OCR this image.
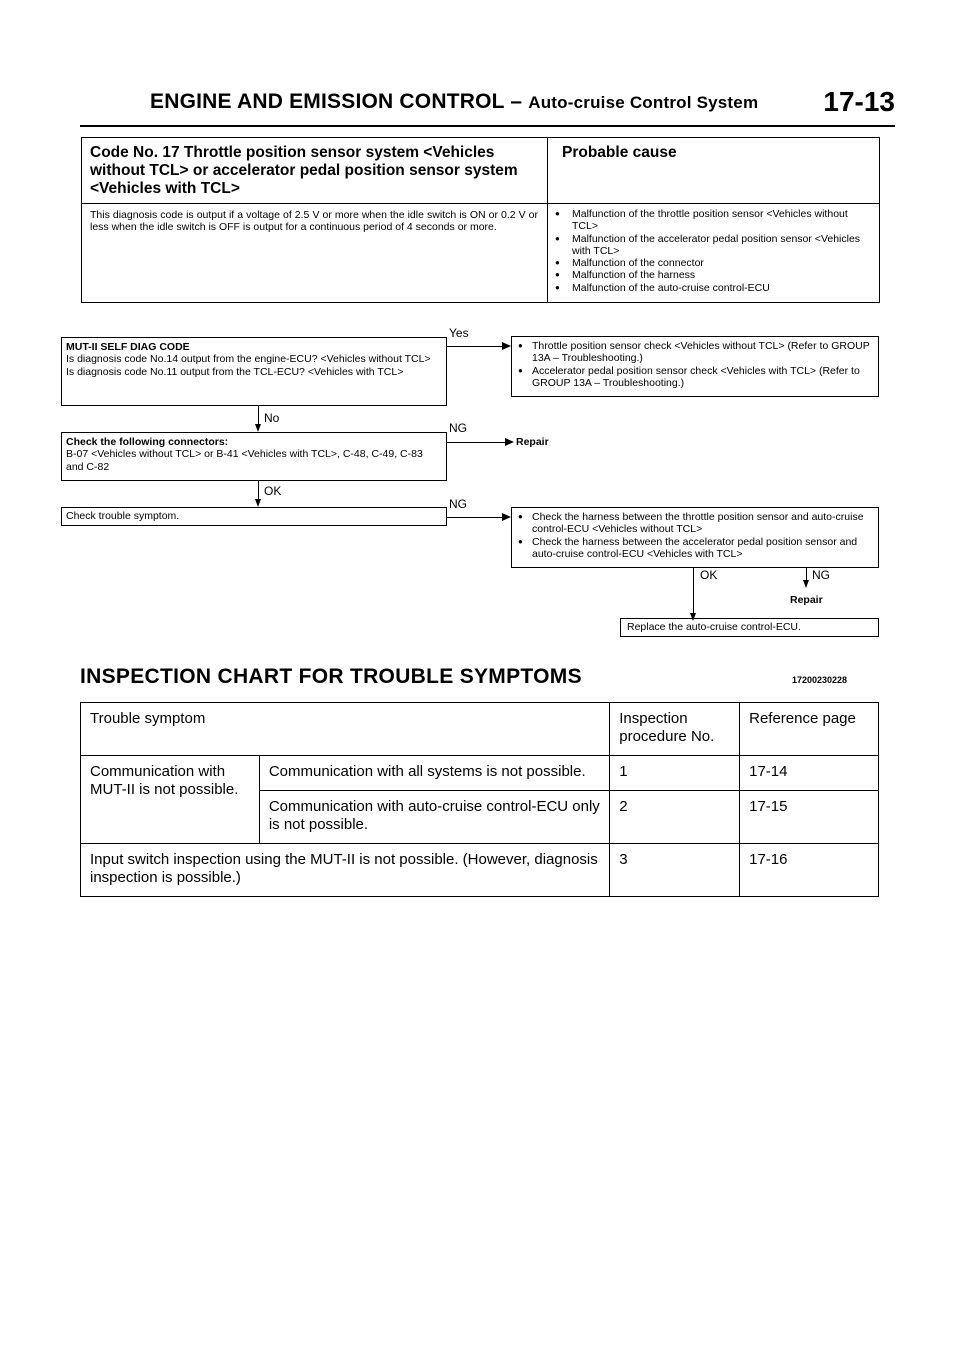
ENGINE AND EMISSION CONTROL – Auto-cruise Control System 17-13
Code No. 17 Throttle position sensor system <Vehicles without TCL> or accelerator pedal position sensor system <Vehicles with TCL>
Probable cause
This diagnosis code is output if a voltage of 2.5 V or more when the idle switch is ON or 0.2 V or less when the idle switch is OFF is output for a continuous period of 4 seconds or more.
● Malfunction of the throttle position sensor <Vehicles without TCL>
● Malfunction of the accelerator pedal position sensor <Vehicles with TCL>
● Malfunction of the connector
● Malfunction of the harness
● Malfunction of the auto-cruise control-ECU
MUT-II SELF DIAG CODE
Is diagnosis code No.14 output from the engine-ECU? <Vehicles without TCL>
Is diagnosis code No.11 output from the TCL-ECU? <Vehicles with TCL>
Yes
● Throttle position sensor check <Vehicles without TCL> (Refer to GROUP 13A – Troubleshooting.)
● Accelerator pedal position sensor check <Vehicles with TCL> (Refer to GROUP 13A – Troubleshooting.)
No
Check the following connectors:
B-07 <Vehicles without TCL> or B-41 <Vehicles with TCL>, C-48, C-49, C-83 and C-82
NG
Repair
OK
Check trouble symptom.
NG
● Check the harness between the throttle position sensor and auto-cruise control-ECU <Vehicles without TCL>
● Check the harness between the accelerator pedal position sensor and auto-cruise control-ECU <Vehicles with TCL>
OK	NG
Repair
Replace the auto-cruise control-ECU.
INSPECTION CHART FOR TROUBLE SYMPTOMS	17200230228
Trouble symptom		Inspection procedure No.	Reference page
Communication with MUT-II is not possible.	Communication with all systems is not possible.	1	17-14
	Communication with auto-cruise control-ECU only is not possible.	2	17-15
Input switch inspection using the MUT-II is not possible. (However, diagnosis inspection is possible.)		3	17-16
